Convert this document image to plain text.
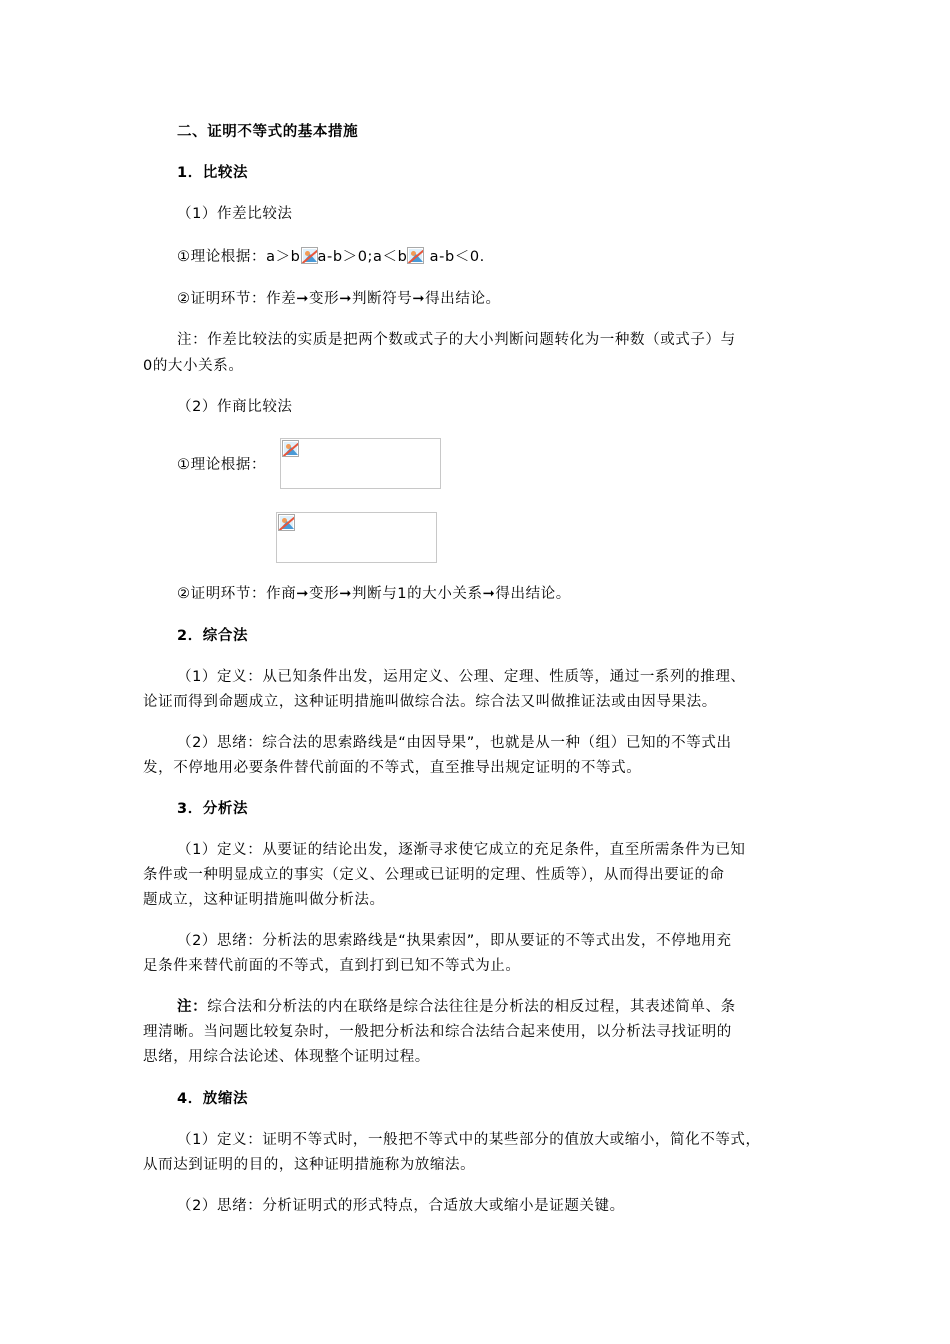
二、证明不等式的基本措施
1．比较法
（1）作差比较法
①理论根据：a＞b a-b＞0;a＜b
a-b＜0.
②证明环节：作差➞变形➞判断符号➞得出结论。
注：作差比较法的实质是把两个数或式子的大小判断问题转化为一种数（或式子）与
0的大小关系。
（2）作商比较法
①理论根据：
②证明环节：作商➞变形➞判断与1的大小关系➞得出结论。
2．综合法
（1）定义：从已知条件出发，运用定义、公理、定理、性质等，通过一系列的推理、
论证而得到命题成立，这种证明措施叫做综合法。综合法又叫做推证法或由因导果法。
（2）思绪：综合法的思索路线是“由因导果”，也就是从一种（组）已知的不等式出
发，不停地用必要条件替代前面的不等式，直至推导出规定证明的不等式。
3．分析法
（1）定义：从要证的结论出发，逐渐寻求使它成立的充足条件，直至所需条件为已知
条件或一种明显成立的事实（定义、公理或已证明的定理、性质等），从而得出要证的命
题成立，这种证明措施叫做分析法。
（2）思绪：分析法的思索路线是“执果索因”，即从要证的不等式出发，不停地用充
足条件来替代前面的不等式，直到打到已知不等式为止。
注：综合法和分析法的内在联络是综合法往往是分析法的相反过程，其表述简单、条
理清晰。当问题比较复杂时，一般把分析法和综合法结合起来使用，以分析法寻找证明的
思绪，用综合法论述、体现整个证明过程。
4．放缩法
（1）定义：证明不等式时，一般把不等式中的某些部分的值放大或缩小，简化不等式，
从而达到证明的目的，这种证明措施称为放缩法。
（2）思绪：分析证明式的形式特点，合适放大或缩小是证题关键。
